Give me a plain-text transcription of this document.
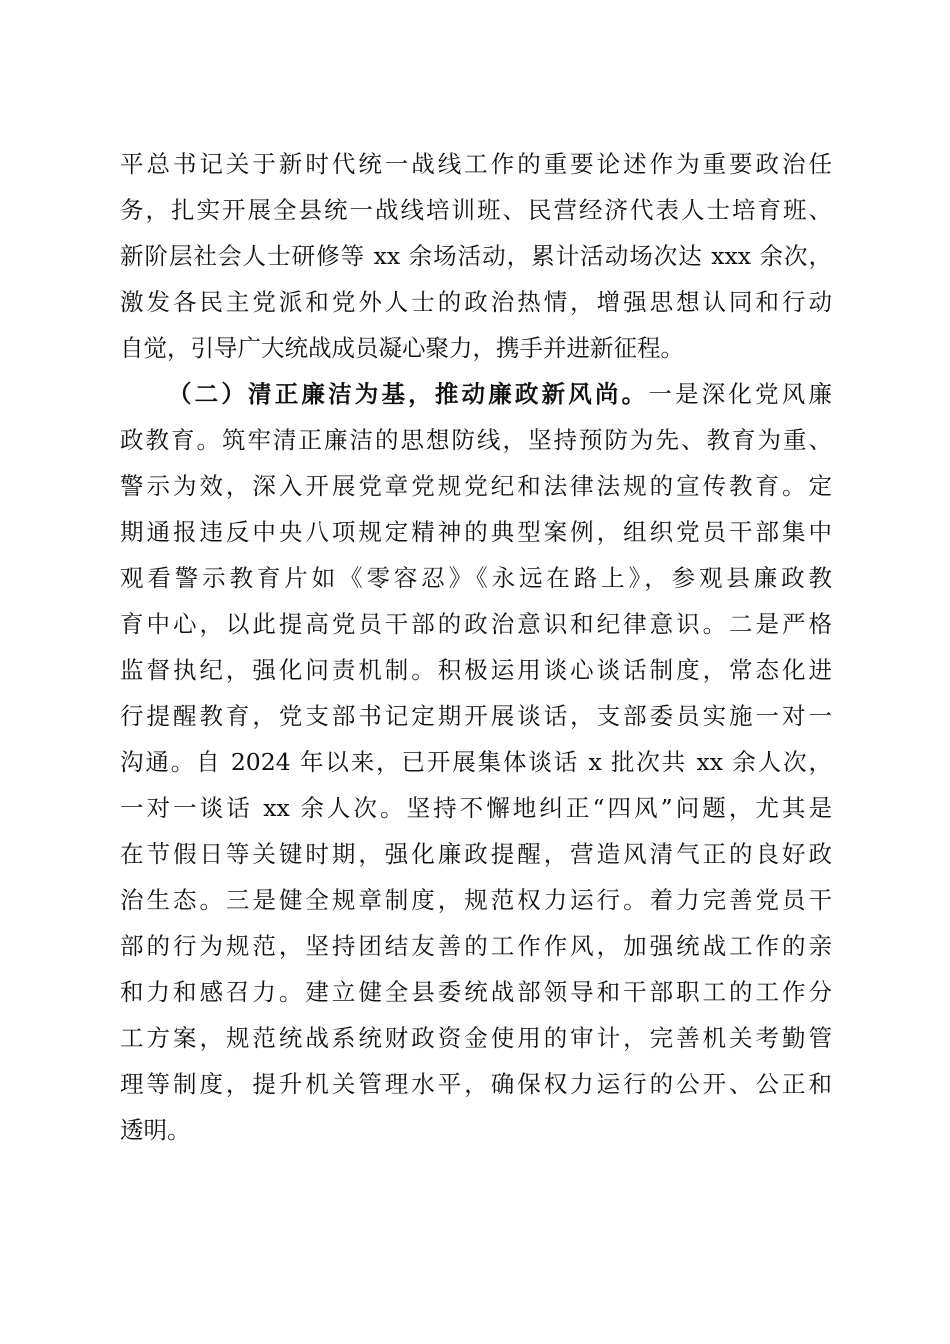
平总书记关于新时代统一战线工作的重要论述作为重要政治任
务，扎实开展全县统一战线培训班、民营经济代表人士培育班、
新阶层社会人士研修等 xx 余场活动，累计活动场次达 xxx 余次，
激发各民主党派和党外人士的政治热情，增强思想认同和行动
自觉，引导广大统战成员凝心聚力，携手并进新征程。
（二）清正廉洁为基，推动廉政新风尚。一是深化党风廉
政教育。筑牢清正廉洁的思想防线，坚持预防为先、教育为重、
警示为效，深入开展党章党规党纪和法律法规的宣传教育。定
期通报违反中央八项规定精神的典型案例，组织党员干部集中
观看警示教育片如《零容忍》《永远在路上》，参观县廉政教
育中心，以此提高党员干部的政治意识和纪律意识。二是严格
监督执纪，强化问责机制。积极运用谈心谈话制度，常态化进
行提醒教育，党支部书记定期开展谈话，支部委员实施一对一
沟通。自 2024 年以来，已开展集体谈话 x 批次共 xx 余人次，
一对一谈话 xx 余人次。坚持不懈地纠正“四风”问题，尤其是
在节假日等关键时期，强化廉政提醒，营造风清气正的良好政
治生态。三是健全规章制度，规范权力运行。着力完善党员干
部的行为规范，坚持团结友善的工作作风，加强统战工作的亲
和力和感召力。建立健全县委统战部领导和干部职工的工作分
工方案，规范统战系统财政资金使用的审计，完善机关考勤管
理等制度，提升机关管理水平，确保权力运行的公开、公正和
透明。
